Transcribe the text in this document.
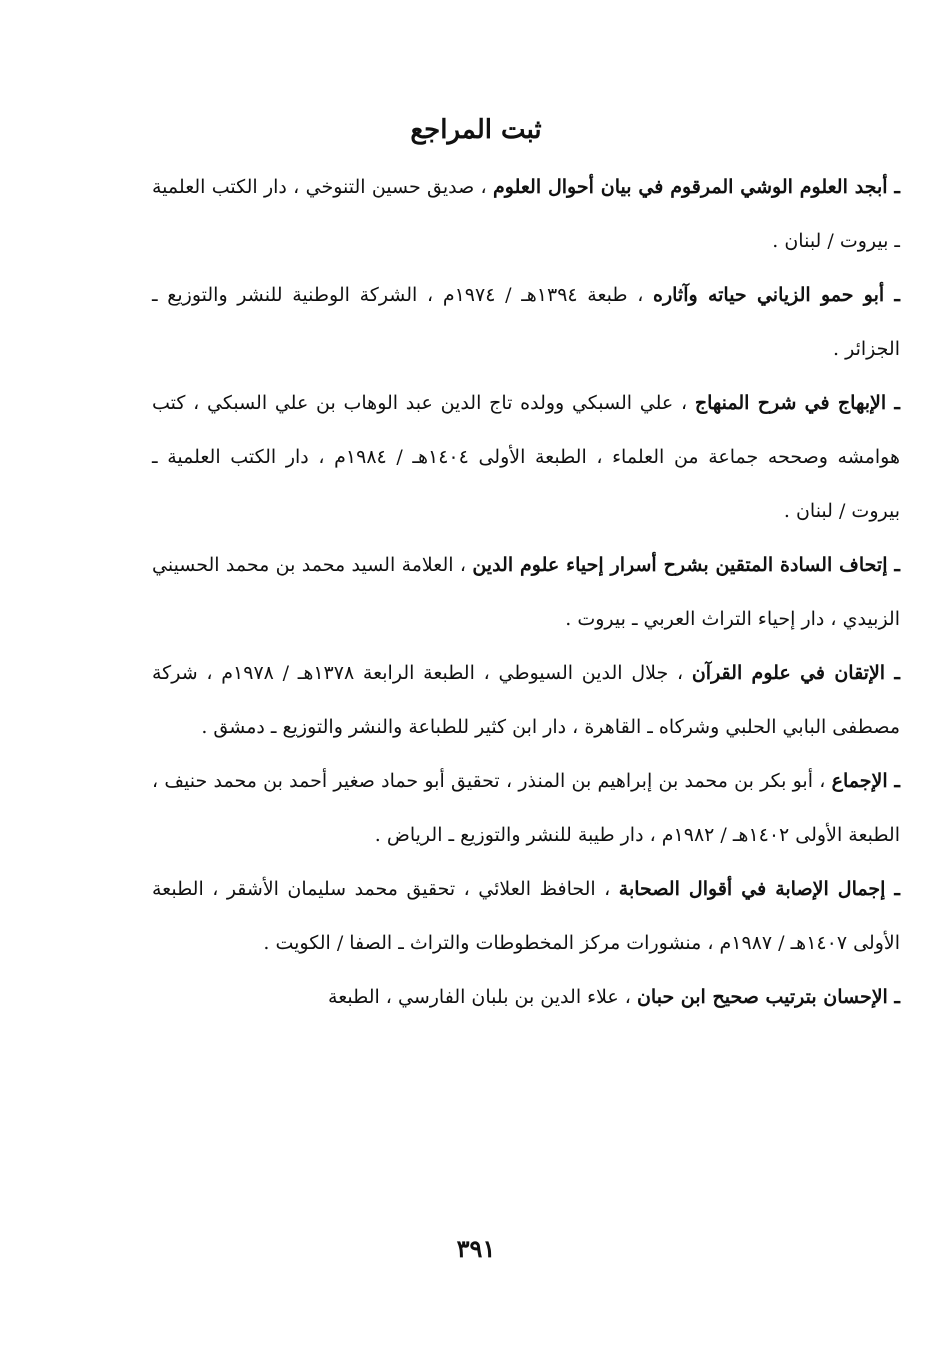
ثبت المراجع

ـ أبجد العلوم الوشي المرقوم في بيان أحوال العلوم ، صديق حسين التنوخي ، دار الكتب العلمية ـ بيروت / لبنان .

ـ أبو حمو الزياني حياته وآثاره ، طبعة ١٣٩٤هـ / ١٩٧٤م ، الشركة الوطنية للنشر والتوزيع ـ الجزائر .

ـ الإبهاج في شرح المنهاج ، علي السبكي وولده تاج الدين عبد الوهاب بن علي السبكي ، كتب هوامشه وصححه جماعة من العلماء ، الطبعة الأولى ١٤٠٤هـ / ١٩٨٤م ، دار الكتب العلمية ـ بيروت / لبنان .

ـ إتحاف السادة المتقين بشرح أسرار إحياء علوم الدين ، العلامة السيد محمد بن محمد الحسيني الزبيدي ، دار إحياء التراث العربي ـ بيروت .

ـ الإتقان في علوم القرآن ، جلال الدين السيوطي ، الطبعة الرابعة ١٣٧٨هـ / ١٩٧٨م ، شركة مصطفى البابي الحلبي وشركاه ـ القاهرة ، دار ابن كثير للطباعة والنشر والتوزيع ـ دمشق .

ـ الإجماع ، أبو بكر بن محمد بن إبراهيم بن المنذر ، تحقيق أبو حماد صغير أحمد بن محمد حنيف ، الطبعة الأولى ١٤٠٢هـ / ١٩٨٢م ، دار طيبة للنشر والتوزيع ـ الرياض .

ـ إجمال الإصابة في أقوال الصحابة ، الحافظ العلائي ، تحقيق محمد سليمان الأشقر ، الطبعة الأولى ١٤٠٧هـ / ١٩٨٧م ، منشورات مركز المخطوطات والتراث ـ الصفا / الكويت .

ـ الإحسان بترتيب صحيح ابن حبان ، علاء الدين بن بلبان الفارسي ، الطبعة

٣٩١
